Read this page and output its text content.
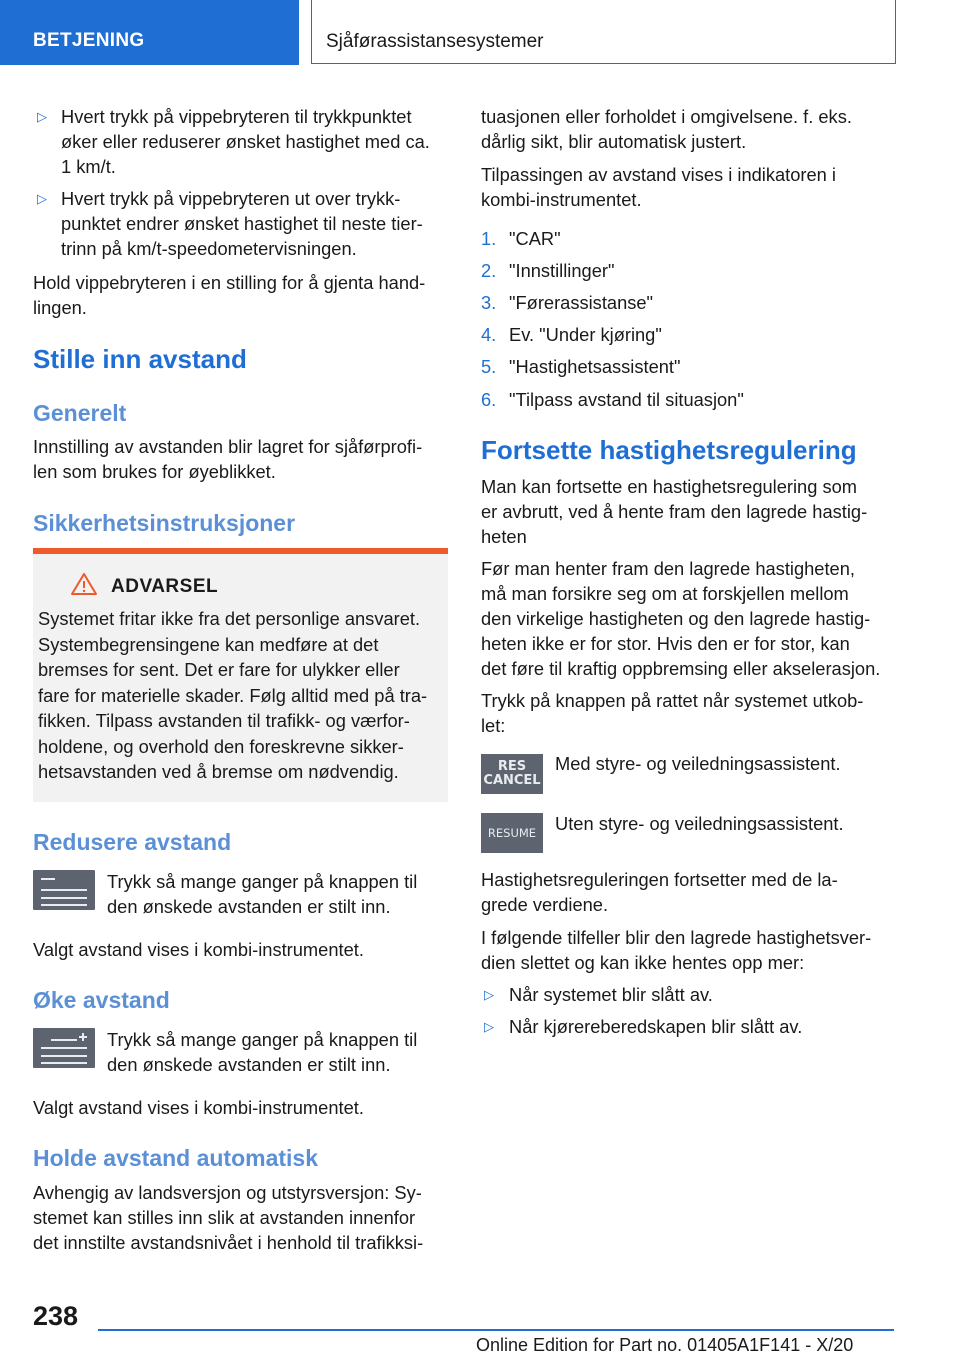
BETJENING	Sjåførassistansesystemer
▷ Hvert trykk på vippebryteren til trykkpunktet
øker eller reduserer ønsket hastighet med ca.
1 km/t.
▷ Hvert trykk på vippebryteren ut over trykk-
punktet endrer ønsket hastighet til neste tier-
trinn på km/t-speedometervisningen.
Hold vippebryteren i en stilling for å gjenta hand-
lingen.
Stille inn avstand
Generelt
Innstilling av avstanden blir lagret for sjåførprofi-
len som brukes for øyeblikket.
Sikkerhetsinstruksjoner
ADVARSEL
Systemet fritar ikke fra det personlige ansvaret.
Systembegrensingene kan medføre at det
bremses for sent. Det er fare for ulykker eller
fare for materielle skader. Følg alltid med på tra-
fikken. Tilpass avstanden til trafikk- og værfor-
holdene, og overhold den foreskrevne sikker-
hetsavstanden ved å bremse om nødvendig.
Redusere avstand
Trykk så mange ganger på knappen til
den ønskede avstanden er stilt inn.
Valgt avstand vises i kombi-instrumentet.
Øke avstand
Trykk så mange ganger på knappen til
den ønskede avstanden er stilt inn.
Valgt avstand vises i kombi-instrumentet.
Holde avstand automatisk
Avhengig av landsversjon og utstyrsversjon: Sy-
stemet kan stilles inn slik at avstanden innenfor
det innstilte avstandsnivået i henhold til trafikksi-
tuasjonen eller forholdet i omgivelsene. f. eks.
dårlig sikt, blir automatisk justert.
Tilpassingen av avstand vises i indikatoren i
kombi-instrumentet.
1. "CAR"
2. "Innstillinger"
3. "Førerassistanse"
4. Ev. "Under kjøring"
5. "Hastighetsassistent"
6. "Tilpass avstand til situasjon"
Fortsette hastighetsregulering
Man kan fortsette en hastighetsregulering som
er avbrutt, ved å hente fram den lagrede hastig-
heten
Før man henter fram den lagrede hastigheten,
må man forsikre seg om at forskjellen mellom
den virkelige hastigheten og den lagrede hastig-
heten ikke er for stor. Hvis den er for stor, kan
det føre til kraftig oppbremsing eller akselerasjon.
Trykk på knappen på rattet når systemet utkob-
let:
RES
CANCEL
Med styre- og veiledningsassistent.
RESUME	Uten styre- og veiledningsassistent.
Hastighetsreguleringen fortsetter med de la-
grede verdiene.
I følgende tilfeller blir den lagrede hastighetsver-
dien slettet og kan ikke hentes opp mer:
▷ Når systemet blir slått av.
▷ Når kjørereberedskapen blir slått av.
238
Online Edition for Part no. 01405A1F141 - X/20
